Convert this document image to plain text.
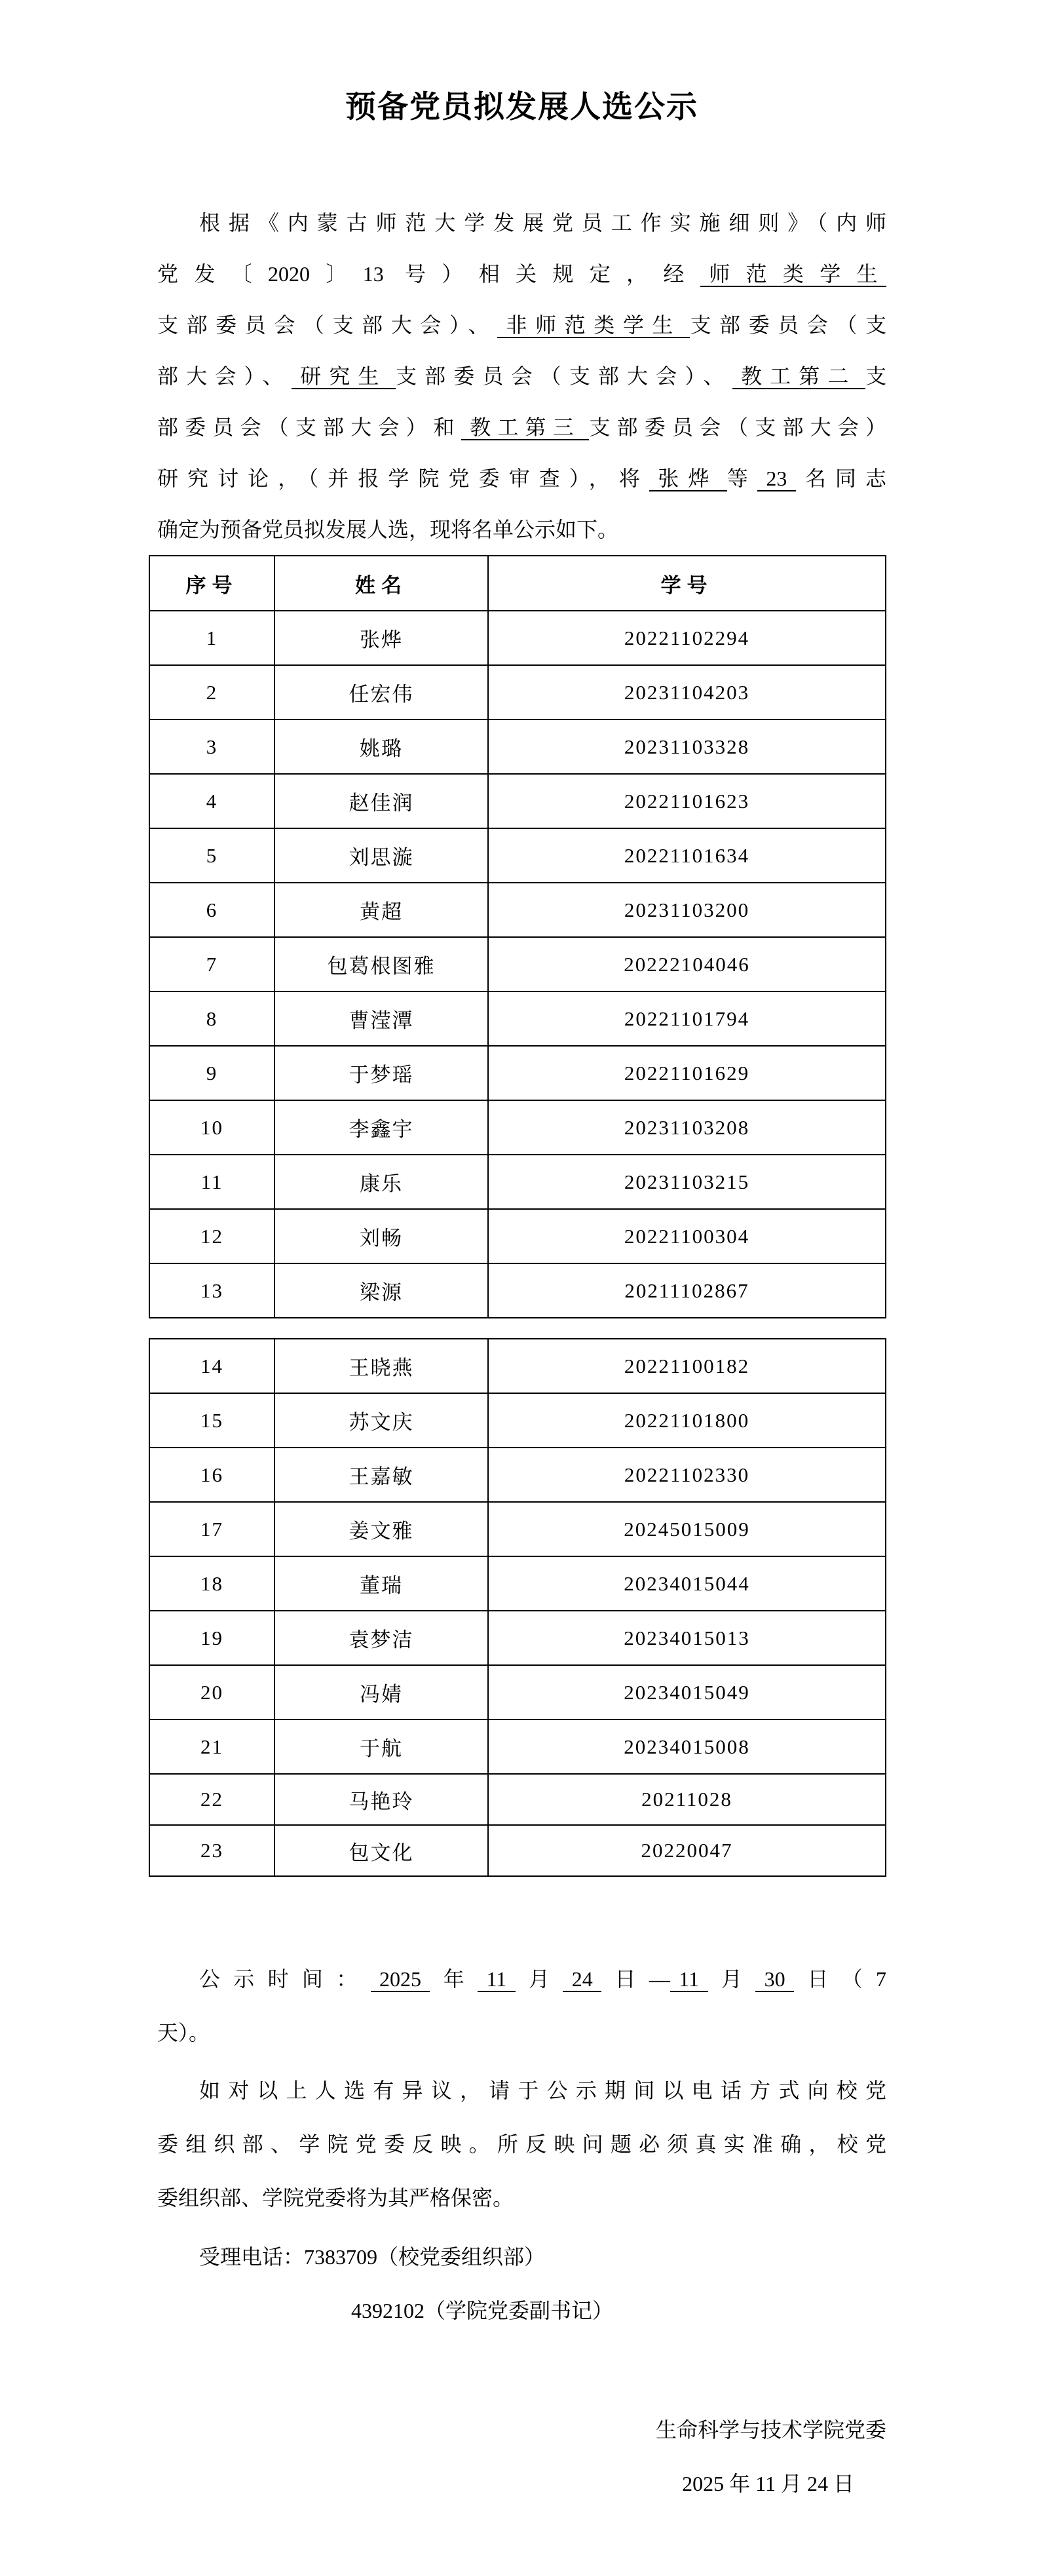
预备党员拟发展人选公示
根据《内蒙古师范大学发展党员工作实施细则》（内师
党发〔2020〕13 号）相关规定，经 师范类学生
支部委员会（支部大会）、 非师范类学生 支部委员会（支
部大会）、 研究生 支部委员会（支部大会）、 教工第二 支
部委员会（支部大会）和 教工第三 支部委员会（支部大会）
研究讨论，（并报学院党委审查），将 张烨 等 23 名同志
确定为预备党员拟发展人选，现将名单公示如下。
序号	姓名	学号
1	张烨	20221102294
2	任宏伟	20231104203
3	姚璐	20231103328
4	赵佳润	20221101623
5	刘思漩	20221101634
6	黄超	20231103200
7	包葛根图雅	20222104046
8	曹滢潭	20221101794
9	于梦瑶	20221101629
10	李鑫宇	20231103208
11	康乐	20231103215
12	刘畅	20221100304
13	梁源	20211102867
14	王晓燕	20221100182
15	苏文庆	20221101800
16	王嘉敏	20221102330
17	姜文雅	20245015009
18	董瑞	20234015044
19	袁梦洁	20234015013
20	冯婧	20234015049
21	于航	20234015008
22	马艳玲	20211028
23	包文化	20220047
公示时间： 2025 年 11 月 24 日— 11 月 30 日（7
天）。
如对以上人选有异议，请于公示期间以电话方式向校党
委组织部、学院党委反映。所反映问题必须真实准确，校党
委组织部、学院党委将为其严格保密。
受理电话：7383709（校党委组织部）
4392102（学院党委副书记）
生命科学与技术学院党委
2025 年 11 月 24 日
